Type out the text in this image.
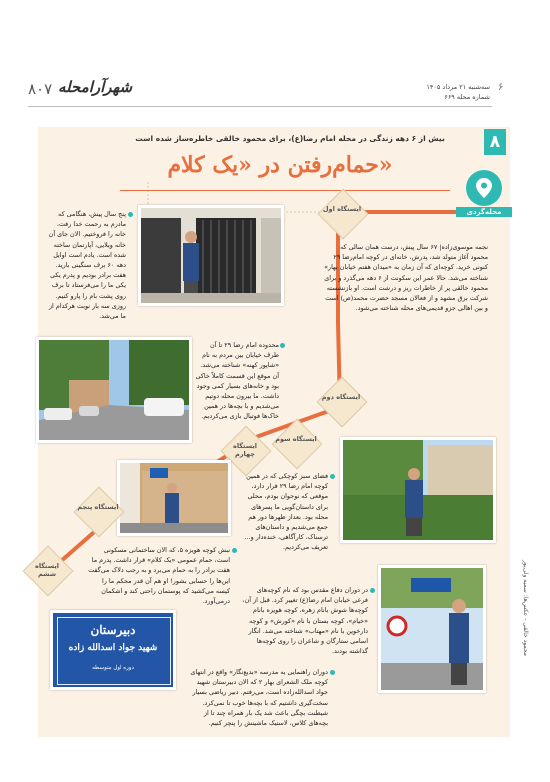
۸۰۷ شهرآرامحله	سه‌شنبه ۲۱ مرداد ۱۴۰۵
شماره محله ۶۶۹
۶
۸
محله‌گردی
بیش از ۶ دهه زندگی در محله امام رضا(ع)، برای محمود خالقی خاطره‌ساز شده است
حمام‌رفتن در «یک کلام»
نجمه موسوی‌زاده| ۶۷ سال پیش، درست همان سالی که محمود آغاز متولد شد، پدرش، خانه‌ای در کوچه امام‌رضا ۲۹ کنونی خرید. کوچه‌ای که آن زمان به «میدان هفتم خیابان بهار» شناخته می‌شد. حالا عمر این سکونت از ۶ دهه می‌گذرد و برای محمود خالقی پر از خاطرات ریز و درشت است. او بازنشسته شرکت برق مشهد و از فعالان مسجد حضرت محمد(ص) است و بین اهالی جزو قدیمی‌های محله شناخته می‌شود.
پنج سال پیش، هنگامی که مادرم به رحمت خدا رفت، خانه را فروختیم. الان جای آن خانه ویلایی، آپارتمان ساخته شده است. یادم است اوایل دهه ۶۰ برف سنگینی بارید. هفت برادر بودیم و پدرم یکی یکی ما را می‌فرستاد تا برف روی پشت بام را پارو کنیم. روزی سه بار نوبت هرکدام از ما می‌شد.
ایستگاه اول
محدوده امام رضا ۲۹ تا آن طرف خیابان بین مردم به نام «شاپور کهنه» شناخته می‌شد. آن موقع این قسمت کاملاً خاکی بود و خانه‌های بسیار کمی وجود داشت. ما بیرون محله دوتیم می‌شدیم و با بچه‌ها در همین خاک‌ها فوتبال بازی می‌کردیم.
ایستگاه دوم
ایستگاه سوم
ایستگاه چهارم
فضای سبز کوچکی که در همین کوچه امام رضا ۲۹ قرار دارد، موقعی که نوجوان بودم، محلی برای داستان‌گویی ما پسرهای محله بود. بعداز ظهرها دور هم جمع می‌شدیم و داستان‌های ترسناک، کارآگاهی، خنده‌دار و... تعریف می‌کردیم.
ایستگاه پنجم
ایستگاه ششم
نبش کوچه هویزه ۵، که الان ساختمانی مسکونی است، حمام عمومی «یک کلام» قرار داشت. پدرم ما هفت برادر را به حمام می‌برد و به رجب دلاک می‌گفت این‌ها را حسابی بشور! او هم آن قدر محکم ما را کیسه می‌کشید که پوستمان راحتی کند و اشکمان درمی‌آورد.
در دوران دفاع مقدس بود که نام کوچه‌های فرعی خیابان امام رضا(ع) تغییر کرد. قبل از آن، کوچه‌ها شوش بانام زهره، کوچه هویزه بانام «خیام»، کوچه بستان با نام «کورش» و کوچه دارخوین با نام «مهتاب» شناخته می‌شد. انگار اسامی ستارگان و شاعران را روی کوچه‌ها گذاشته بودند.
دبیرستان
شهید جواد اسدالله زاده
دوره اول متوسطه	دوران راهنمایی به مدرسه «بدیع‌نگار» واقع در انتهای کوچه ملک الشعرای بهار ۲ که الان دبیرستان شهید جواد اسدالله‌زاده است، می‌رفتم. دبیر ریاضی بسیار سخت‌گیری داشتیم که با بچه‌ها خوب تا نمی‌کرد. شیطنت بچگی باعث شد یک بار همراه چند تا از بچه‌های کلاس، لاستیک ماشینش را پنچر کنیم.
محمود خالقی - عکس‌ها: سمیه ولی‌پور
